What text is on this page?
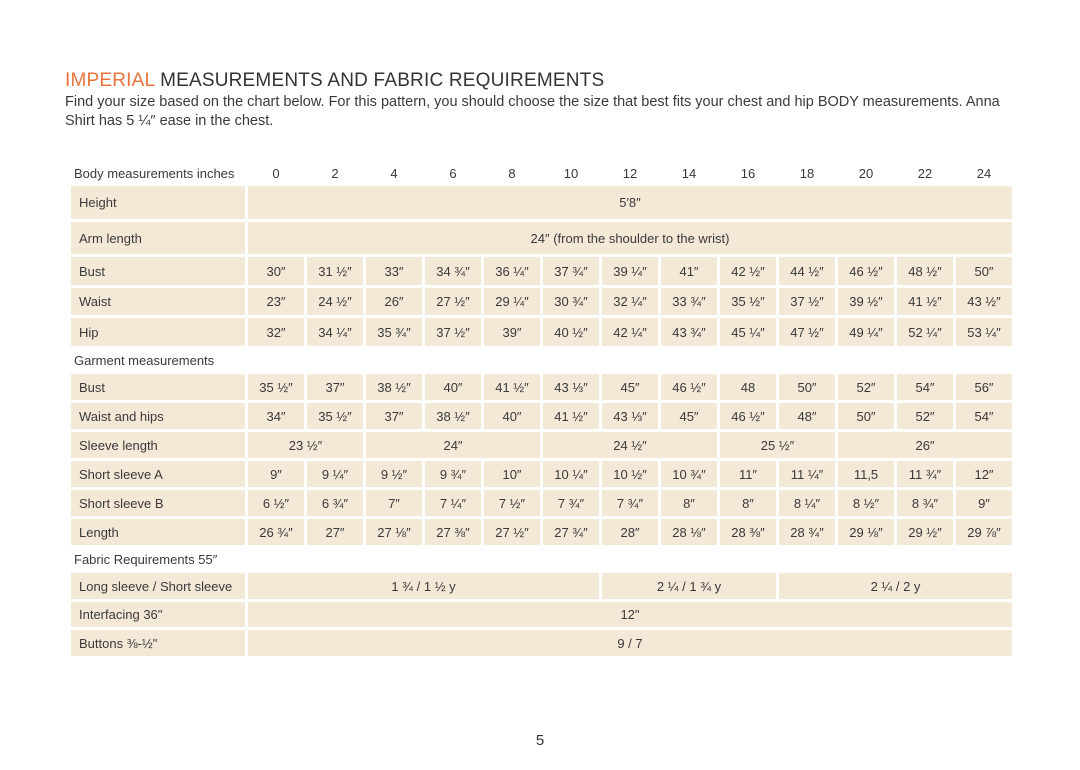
IMPERIAL MEASUREMENTS AND FABRIC REQUIREMENTS

Find your size based on the chart below. For this pattern, you should choose the size that best fits your chest and hip BODY measurements. Anna Shirt has 5 ¼″ ease in the chest.

Body measurements inches	0	2	4	6	8	10	12	14	16	18	20	22	24
Height	5′8″												

Arm length	24″ (from the shoulder to the wrist)												

Bust	30″	31 ½″	33″	34 ¾″	36 ¼″	37 ¾″	39 ¼″	41″	42 ½″	44 ½″	46 ½″	48 ½″	50″

Waist	23″	24 ½″	26″	27 ½″	29 ¼″	30 ¾″	32 ¼″	33 ¾″	35 ½″	37 ½″	39 ½″	41 ½″	43 ½″

Hip	32″	34 ¼″	35 ¾″	37 ½″	39″	40 ½″	42 ¼″	43 ¾″	45 ¼″	47 ½″	49 ¼″	52 ¼″	53 ¼″
Garment measurements													
Bust	35 ½″	37″	38 ½″	40″	41 ½″	43 ⅓″	45″	46 ½″	48	50″	52″	54″	56″

Waist and hips	34″	35 ½″	37″	38 ½″	40″	41 ½″	43 ⅓″	45″	46 ½″	48″	50″	52″	54″

Sleeve length	23 ½″		24″			24 ½″			25 ½″		26″		

Short sleeve A	9″	9 ¼″	9 ½″	9 ¾″	10″	10 ¼″	10 ½″	10 ¾″	11″	11 ¼″	11,5	11 ¾″	12″

Short sleeve B	6 ½″	6 ¾″	7″	7 ¼″	7 ½″	7 ¾″	7 ¾″	8″	8″	8 ¼″	8 ½″	8 ¾″	9″

Length	26 ¾″	27″	27 ⅛″	27 ⅜″	27 ½″	27 ¾″	28″	28 ⅛″	28 ⅜″	28 ¾″	29 ⅛″	29 ½″	29 ⅞″
Fabric Requirements 55″													
Long sleeve / Short sleeve	1 ¾ / 1 ½ y						2 ¼ / 1 ¾ y			2 ¼ / 2 y			

Interfacing 36"	12"												

Buttons ⅜-½"	9 / 7												
5
